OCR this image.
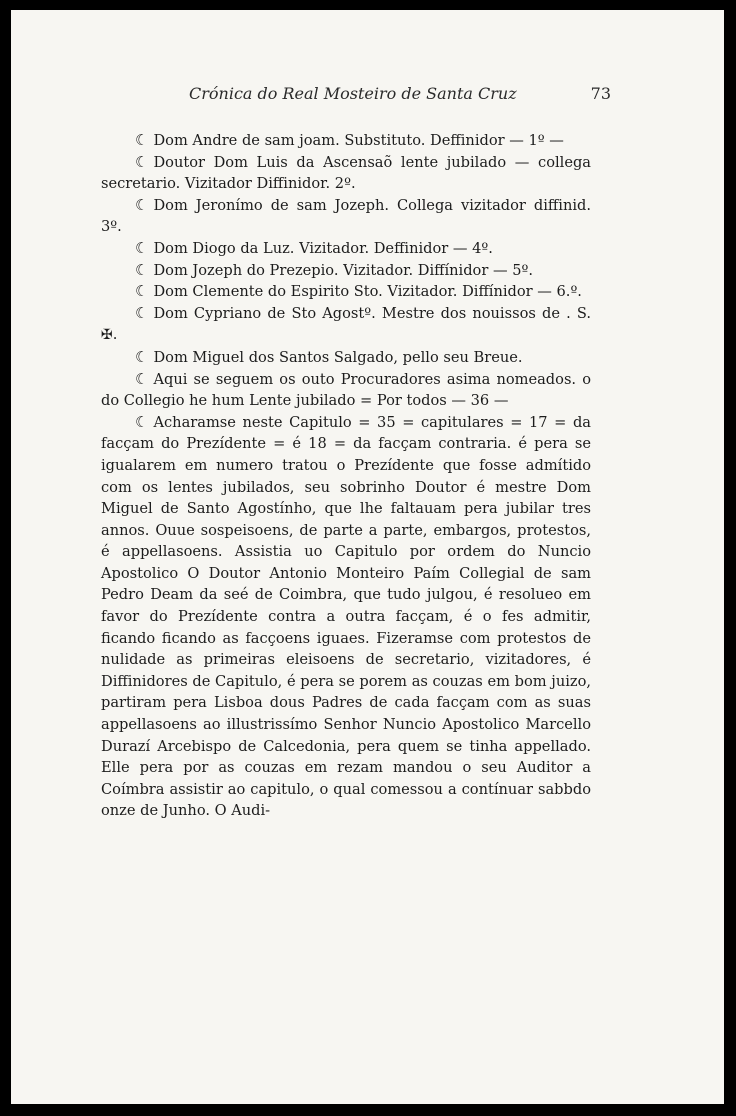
Crónica do Real Mosteiro de Santa Cruz	73

☾ Dom Andre de sam joam. Substituto. Deffinidor — 1º —

☾ Doutor Dom Luis da Ascensaõ lente jubilado — collega secretario. Vizitador Diffinidor. 2º.

☾ Dom Jeronímo de sam Jozeph. Collega vizitador diffinid. 3º.

☾ Dom Diogo da Luz. Vizitador. Deffinidor — 4º.

☾ Dom Jozeph do Prezepio. Vizitador. Diffínidor — 5º.

☾ Dom Clemente do Espirito Sto. Vizitador. Diffínidor — 6.º.

☾ Dom Cypriano de Sto Agostº. Mestre dos nouissos de . S. ✠.

☾ Dom Miguel dos Santos Salgado, pello seu Breue.

☾ Aqui se seguem os outo Procuradores asima nomeados. o do Collegio he hum Lente jubilado = Por todos — 36 —

☾ Acharamse neste Capitulo = 35 = capitulares = 17 = da facçam do Prezídente = é 18 = da facçam contraria. é pera se igualarem em numero tratou o Prezídente que fosse admítido com os lentes jubilados, seu sobrinho Doutor é mestre Dom Miguel de Santo Agostínho, que lhe faltauam pera jubilar tres annos. Ouue sospeisoens, de parte a parte, embargos, protestos, é appellasoens. Assistia uo Capitulo por ordem do Nuncio Apostolico O Doutor Antonio Monteiro Paím Collegial de sam Pedro Deam da seé de Coimbra, que tudo julgou, é resolueo em favor do Prezídente contra a outra facçam, é o fes admitir, ficando ficando as facçoens iguaes. Fizeramse com protestos de nulidade as primeiras eleisoens de secretario, vizitadores, é Diffinidores de Capitulo, é pera se porem as couzas em bom juizo, partiram pera Lisboa dous Padres de cada facçam com as suas appellasoens ao illustrissímo Senhor Nuncio Apostolico Marcello Durazí Arcebispo de Calcedonia, pera quem se tinha appellado. Elle pera por as couzas em rezam mandou o seu Auditor a Coímbra assistir ao capitulo, o qual comessou a contínuar sabbdo onze de Junho. O Audi-
